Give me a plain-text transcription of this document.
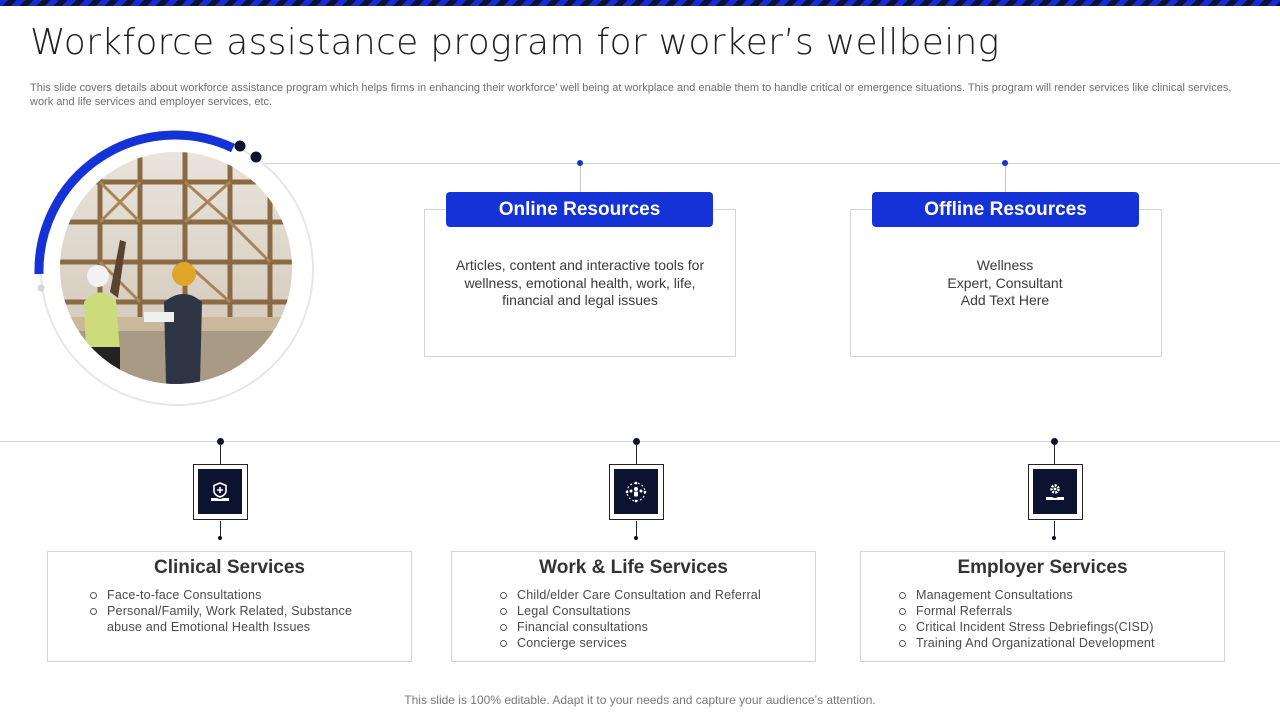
Workforce assistance program for worker’s wellbeing

This slide covers details about workforce assistance program which helps firms in enhancing their workforce’ well being at workplace and enable them to handle critical or emergence situations. This program will render services like clinical services, work and life services and employer services, etc.

Online Resources
Articles, content and interactive tools for
wellness, emotional health, work, life,
financial and legal issues
Offline Resources
Wellness
Expert, Consultant
Add Text Here
Clinical Services
Face-to-face Consultations
Personal/Family, Work Related, Substance abuse and Emotional Health Issues
Work & Life Services
Child/elder Care Consultation and Referral
Legal Consultations
Financial consultations
Concierge services
Employer Services
Management Consultations
Formal Referrals
Critical Incident Stress Debriefings(CISD)
Training And Organizational Development
This slide is 100% editable. Adapt it to your needs and capture your audience’s attention.
